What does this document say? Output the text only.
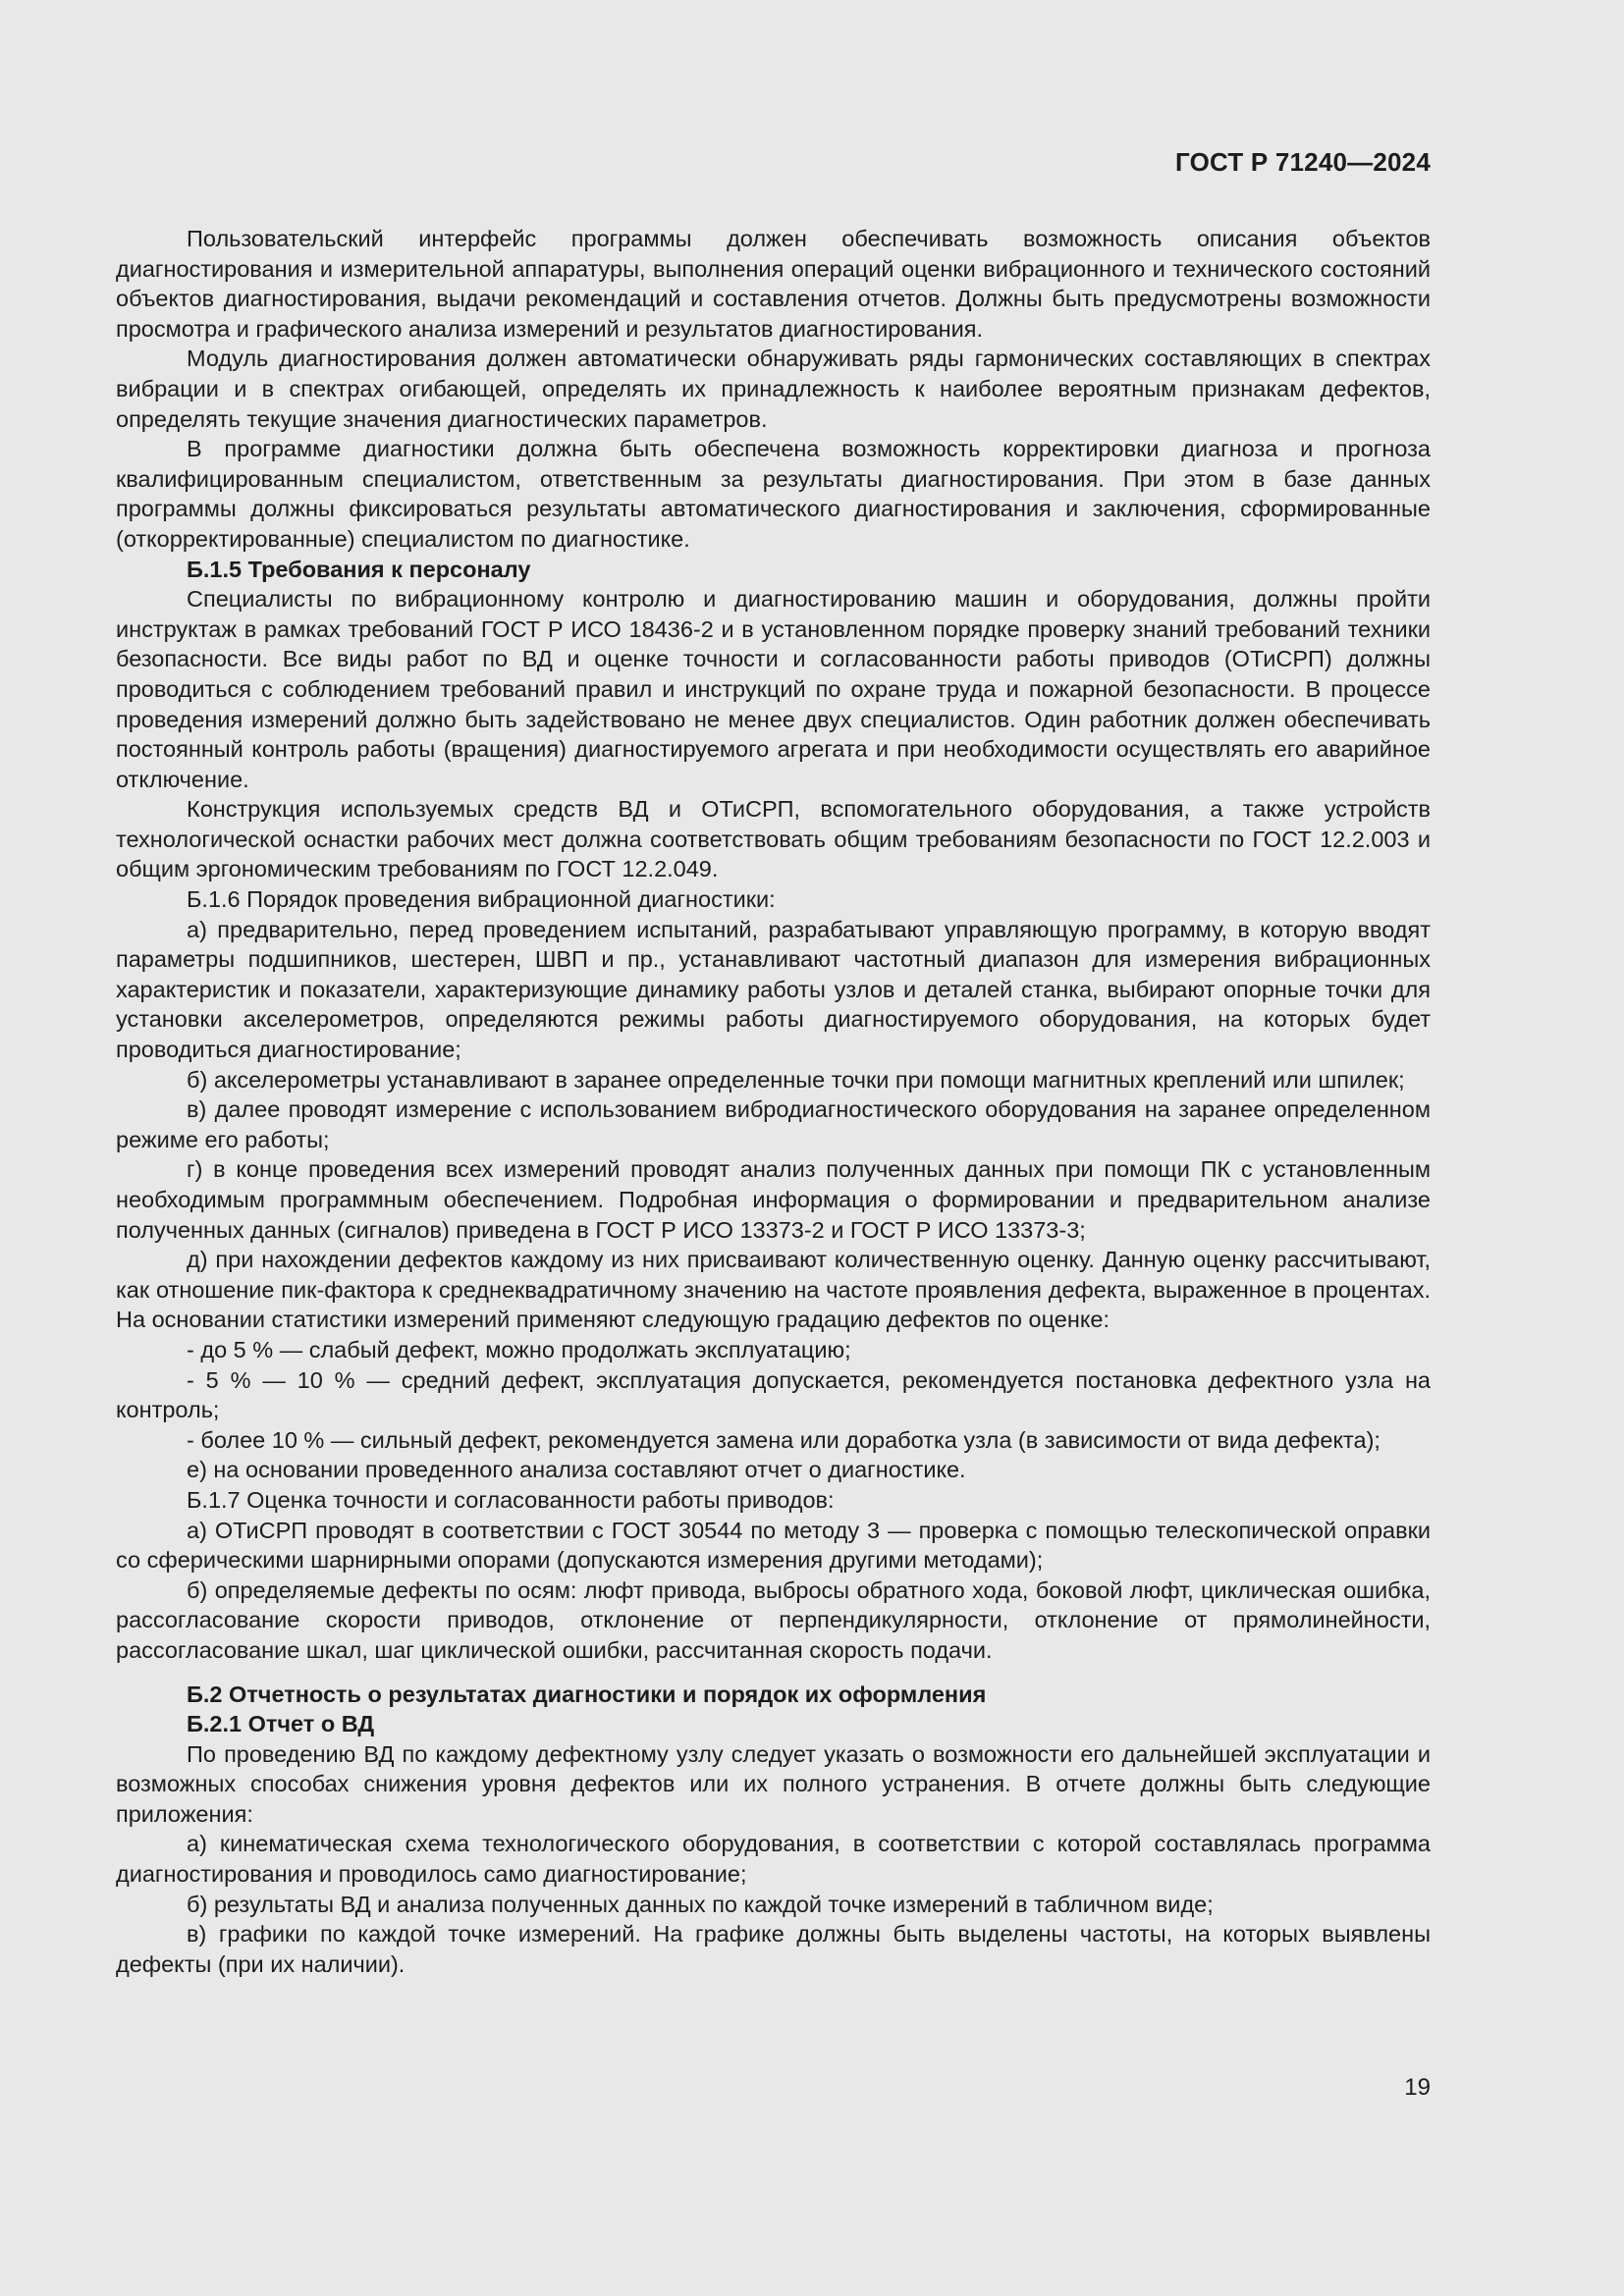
ГОСТ Р 71240—2024

Пользовательский интерфейс программы должен обеспечивать возможность описания объектов диагностирования и измерительной аппаратуры, выполнения операций оценки вибрационного и технического состояний объектов диагностирования, выдачи рекомендаций и составления отчетов. Должны быть предусмотрены возможности просмотра и графического анализа измерений и результатов диагностирования.

Модуль диагностирования должен автоматически обнаруживать ряды гармонических составляющих в спектрах вибрации и в спектрах огибающей, определять их принадлежность к наиболее вероятным признакам дефектов, определять текущие значения диагностических параметров.

В программе диагностики должна быть обеспечена возможность корректировки диагноза и прогноза квалифицированным специалистом, ответственным за результаты диагностирования. При этом в базе данных программы должны фиксироваться результаты автоматического диагностирования и заключения, сформированные (откорректированные) специалистом по диагностике.

Б.1.5 Требования к персоналу

Специалисты по вибрационному контролю и диагностированию машин и оборудования, должны пройти инструктаж в рамках требований ГОСТ Р ИСО 18436-2 и в установленном порядке проверку знаний требований техники безопасности. Все виды работ по ВД и оценке точности и согласованности работы приводов (ОТиСРП) должны проводиться с соблюдением требований правил и инструкций по охране труда и пожарной безопасности. В процессе проведения измерений должно быть задействовано не менее двух специалистов. Один работник должен обеспечивать постоянный контроль работы (вращения) диагностируемого агрегата и при необходимости осуществлять его аварийное отключение.

Конструкция используемых средств ВД и ОТиСРП, вспомогательного оборудования, а также устройств технологической оснастки рабочих мест должна соответствовать общим требованиям безопасности по ГОСТ 12.2.003 и общим эргономическим требованиям по ГОСТ 12.2.049.

Б.1.6 Порядок проведения вибрационной диагностики:

а) предварительно, перед проведением испытаний, разрабатывают управляющую программу, в которую вводят параметры подшипников, шестерен, ШВП и пр., устанавливают частотный диапазон для измерения вибрационных характеристик и показатели, характеризующие динамику работы узлов и деталей станка, выбирают опорные точки для установки акселерометров, определяются режимы работы диагностируемого оборудования, на которых будет проводиться диагностирование;

б) акселерометры устанавливают в заранее определенные точки при помощи магнитных креплений или шпилек;

в) далее проводят измерение с использованием вибродиагностического оборудования на заранее определенном режиме его работы;

г) в конце проведения всех измерений проводят анализ полученных данных при помощи ПК с установленным необходимым программным обеспечением. Подробная информация о формировании и предварительном анализе полученных данных (сигналов) приведена в ГОСТ Р ИСО 13373-2 и ГОСТ Р ИСО 13373-3;

д) при нахождении дефектов каждому из них присваивают количественную оценку. Данную оценку рассчитывают, как отношение пик-фактора к среднеквадратичному значению на частоте проявления дефекта, выраженное в процентах. На основании статистики измерений применяют следующую градацию дефектов по оценке:

- до 5 % — слабый дефект, можно продолжать эксплуатацию;

- 5 % — 10 % — средний дефект, эксплуатация допускается, рекомендуется постановка дефектного узла на контроль;

- более 10 % — сильный дефект, рекомендуется замена или доработка узла (в зависимости от вида дефекта);

е) на основании проведенного анализа составляют отчет о диагностике.

Б.1.7 Оценка точности и согласованности работы приводов:

а) ОТиСРП проводят в соответствии с ГОСТ 30544 по методу 3 — проверка с помощью телескопической оправки со сферическими шарнирными опорами (допускаются измерения другими методами);

б) определяемые дефекты по осям: люфт привода, выбросы обратного хода, боковой люфт, циклическая ошибка, рассогласование скорости приводов, отклонение от перпендикулярности, отклонение от прямолинейности, рассогласование шкал, шаг циклической ошибки, рассчитанная скорость подачи.

Б.2 Отчетность о результатах диагностики и порядок их оформления

Б.2.1 Отчет о ВД

По проведению ВД по каждому дефектному узлу следует указать о возможности его дальнейшей эксплуатации и возможных способах снижения уровня дефектов или их полного устранения. В отчете должны быть следующие приложения:

а) кинематическая схема технологического оборудования, в соответствии с которой составлялась программа диагностирования и проводилось само диагностирование;

б) результаты ВД и анализа полученных данных по каждой точке измерений в табличном виде;

в) графики по каждой точке измерений. На графике должны быть выделены частоты, на которых выявлены дефекты (при их наличии).

19
